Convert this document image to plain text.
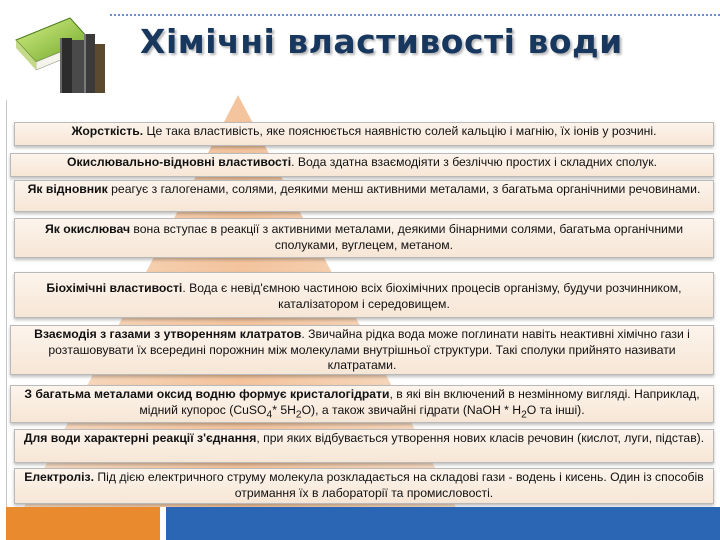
Хімічні властивості води
Жорсткість. Це така властивість, яке пояснюється наявністю солей кальцію і магнію, їх іонів у розчині.
Окислювально-відновні властивості. Вода здатна взаємодіяти з безліччю простих і складних сполук.
Як відновник реагує з галогенами, солями, деякими менш активними металами, з багатьма органічними речовинами.
Як окислювач вона вступає в реакції з активними металами, деякими бінарними солями, багатьма органічними сполуками, вуглецем, метаном.
Біохімічні властивості. Вода є невід'ємною частиною всіх біохімічних процесів організму, будучи розчинником, каталізатором і середовищем.
Взаємодія з газами з утворенням клатратов. Звичайна рідка вода може поглинати навіть неактивні хімічно гази і розташовувати їх всередині порожнин між молекулами внутрішньої структури. Такі сполуки прийнято називати клатратами.
З багатьма металами оксид водню формує кристалогідрати, в які він включений в незмінному вигляді. Наприклад, мідний купорос (CuSO$_4$* $5H_2O$), а також звичайні гідрати (NaOH * $H_2O$ та інші).
Для води характерні реакції з'єднання, при яких відбувається утворення нових класів речовин (кислот, луги, підстав).
Електроліз. Під дією електричного струму молекула розкладається на складові гази - водень і кисень. Один із способів отримання їх в лабораторії та промисловості.
